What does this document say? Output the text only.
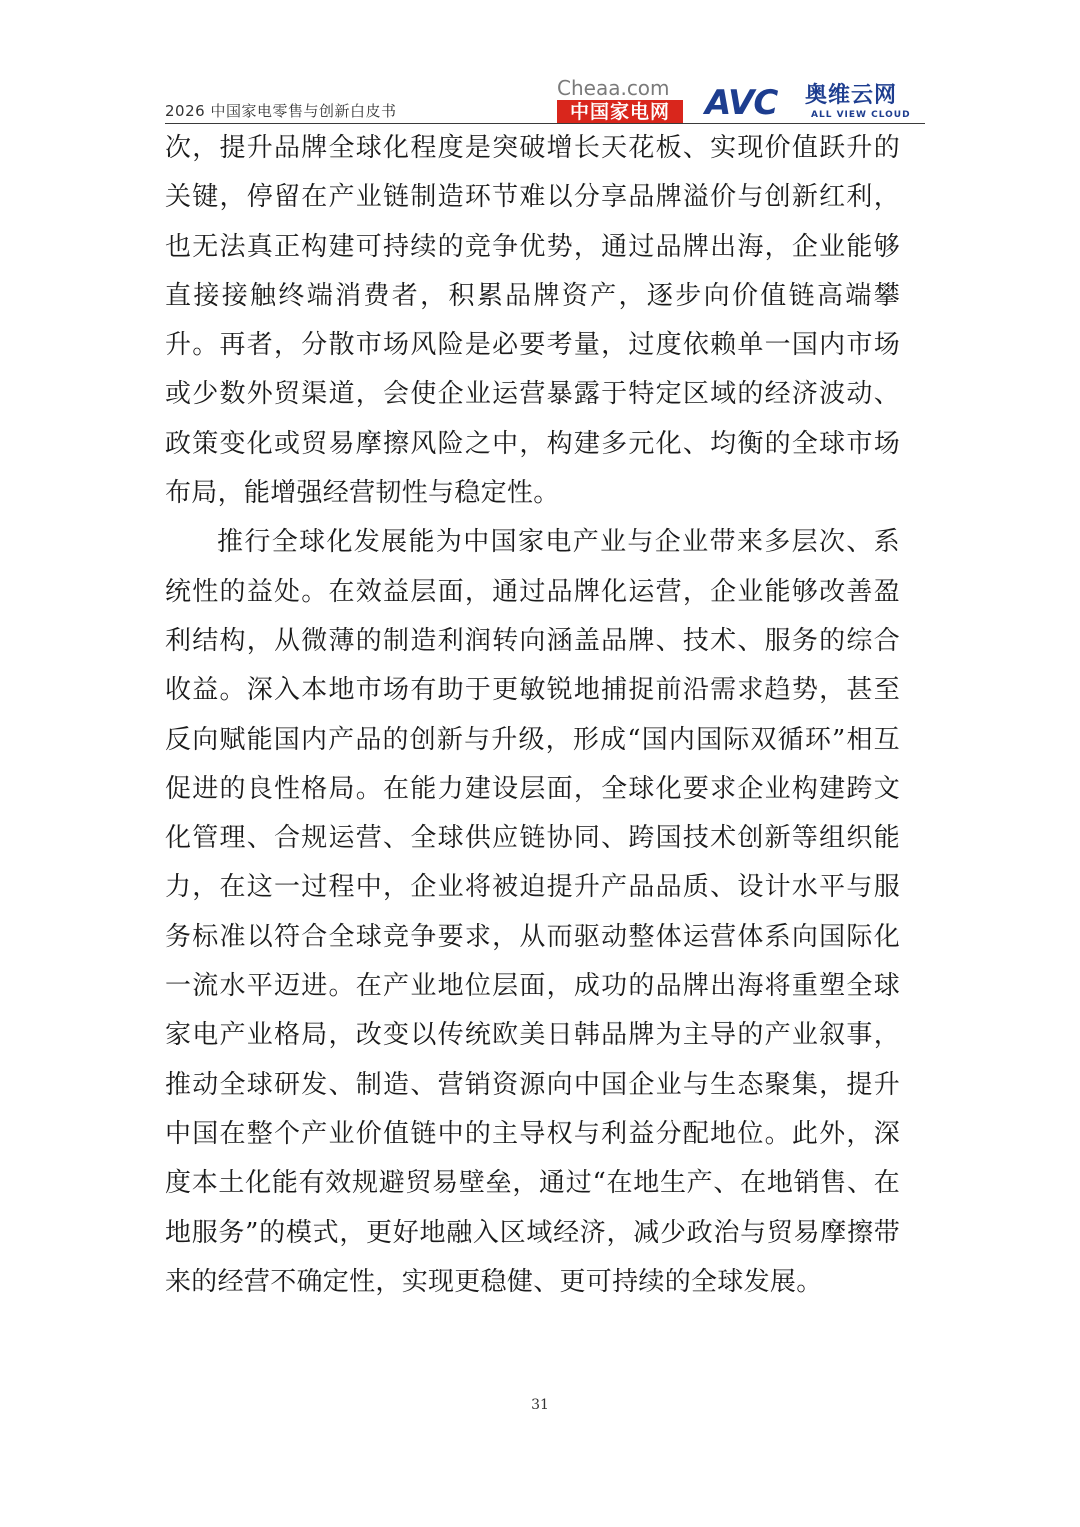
2026 中国家电零售与创新白皮书
Cheaa.com
中国家电网	AVC 奥维云网
ALL VIEW CLOUD

次，提升品牌全球化程度是突破增长天花板、实现价值跃升的关键，停留在产业链制造环节难以分享品牌溢价与创新红利，也无法真正构建可持续的竞争优势，通过品牌出海，企业能够直接接触终端消费者，积累品牌资产，逐步向价值链高端攀升。再者，分散市场风险是必要考量，过度依赖单一国内市场或少数外贸渠道，会使企业运营暴露于特定区域的经济波动、政策变化或贸易摩擦风险之中，构建多元化、均衡的全球市场布局，能增强经营韧性与稳定性。

推行全球化发展能为中国家电产业与企业带来多层次、系统性的益处。在效益层面，通过品牌化运营，企业能够改善盈利结构，从微薄的制造利润转向涵盖品牌、技术、服务的综合收益。深入本地市场有助于更敏锐地捕捉前沿需求趋势，甚至反向赋能国内产品的创新与升级，形成“国内国际双循环”相互促进的良性格局。在能力建设层面，全球化要求企业构建跨文化管理、合规运营、全球供应链协同、跨国技术创新等组织能力，在这一过程中，企业将被迫提升产品品质、设计水平与服务标准以符合全球竞争要求，从而驱动整体运营体系向国际化一流水平迈进。在产业地位层面，成功的品牌出海将重塑全球家电产业格局，改变以传统欧美日韩品牌为主导的产业叙事，推动全球研发、制造、营销资源向中国企业与生态聚集，提升中国在整个产业价值链中的主导权与利益分配地位。此外，深度本土化能有效规避贸易壁垒，通过“在地生产、在地销售、在地服务”的模式，更好地融入区域经济，减少政治与贸易摩擦带来的经营不确定性，实现更稳健、更可持续的全球发展。

31
